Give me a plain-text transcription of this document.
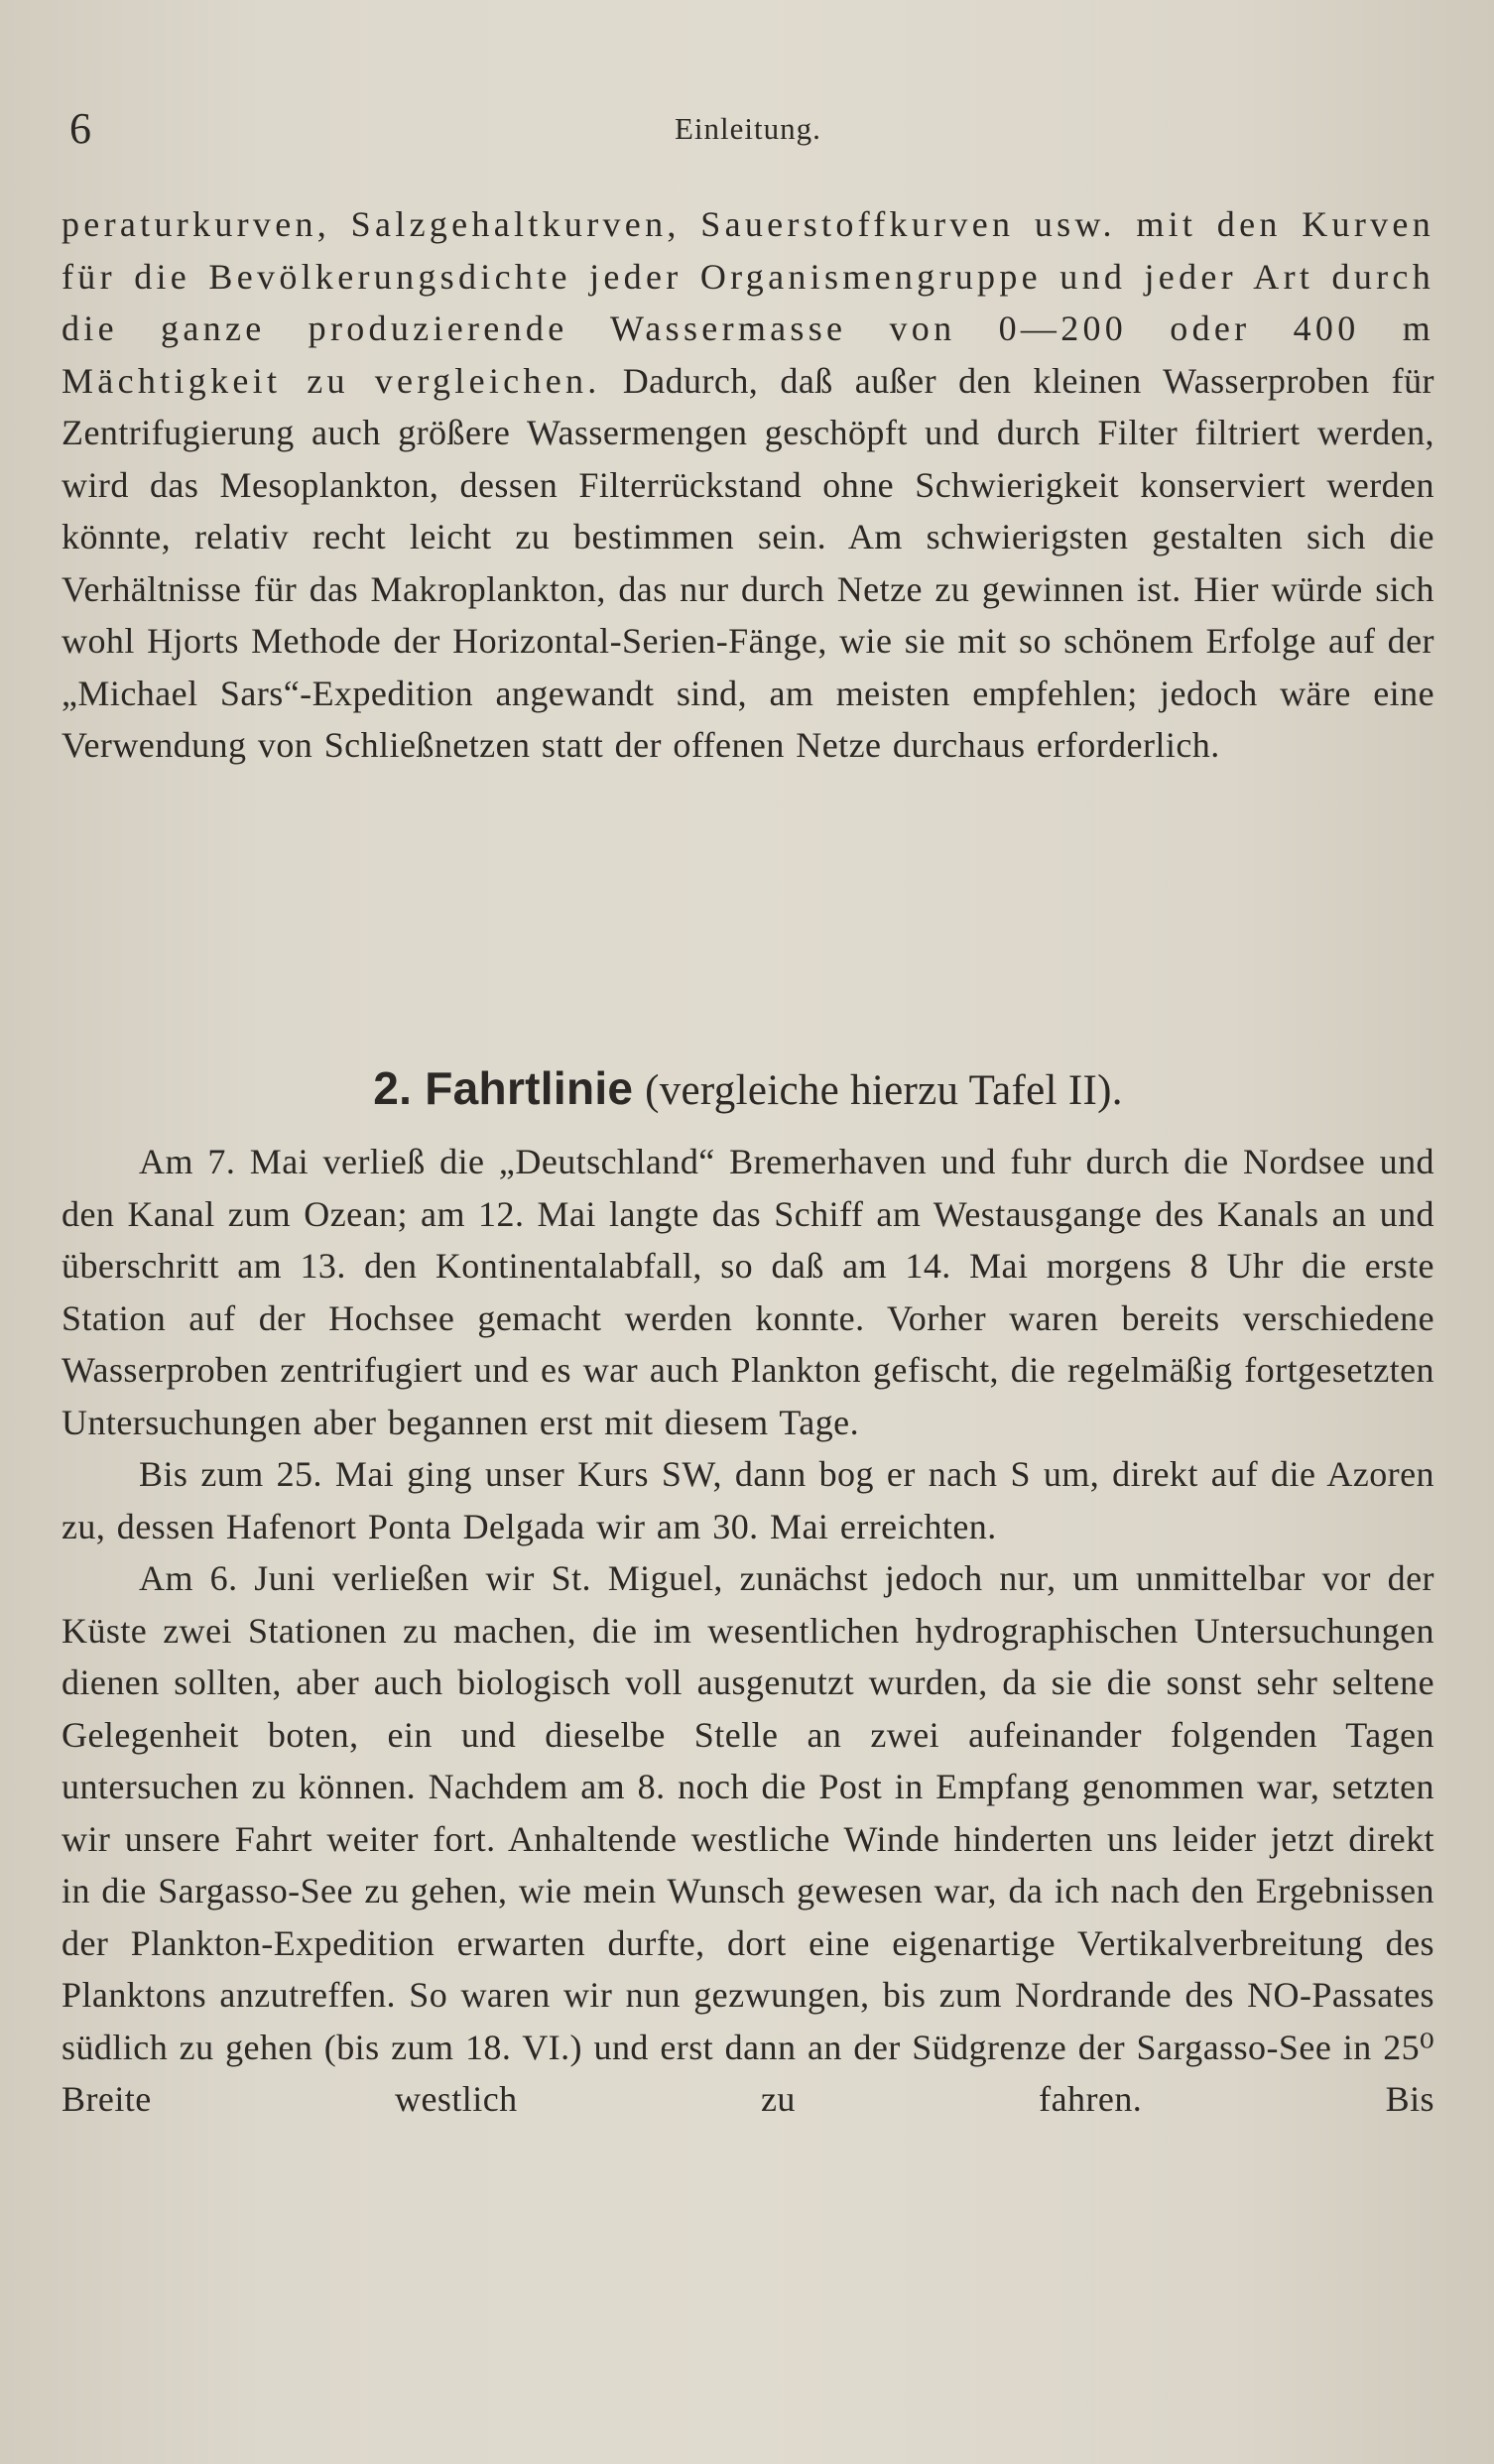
6	Einleitung.

peraturkurven, Salzgehaltkurven, Sauerstoffkurven usw. mit den Kurven für die Bevölkerungsdichte jeder Organismengruppe und jeder Art durch die ganze produzierende Wassermasse von 0—200 oder 400 m Mächtigkeit zu vergleichen. Dadurch, daß außer den kleinen Wasserproben für Zentrifugierung auch größere Wassermengen geschöpft und durch Filter filtriert werden, wird das Mesoplankton, dessen Filterrückstand ohne Schwierigkeit konserviert werden könnte, relativ recht leicht zu bestimmen sein. Am schwierigsten gestalten sich die Verhältnisse für das Makroplankton, das nur durch Netze zu gewinnen ist. Hier würde sich wohl Hjorts Methode der Horizontal-Serien-Fänge, wie sie mit so schönem Erfolge auf der „Michael Sars“-Expedition angewandt sind, am meisten empfehlen; jedoch wäre eine Verwendung von Schließnetzen statt der offenen Netze durchaus erforderlich.

2. Fahrtlinie (vergleiche hierzu Tafel II).

Am 7. Mai verließ die „Deutschland“ Bremerhaven und fuhr durch die Nordsee und den Kanal zum Ozean; am 12. Mai langte das Schiff am Westausgange des Kanals an und überschritt am 13. den Kontinentalabfall, so daß am 14. Mai morgens 8 Uhr die erste Station auf der Hochsee gemacht werden konnte. Vorher waren bereits verschiedene Wasserproben zentrifugiert und es war auch Plankton gefischt, die regelmäßig fortgesetzten Untersuchungen aber begannen erst mit diesem Tage.

Bis zum 25. Mai ging unser Kurs SW, dann bog er nach S um, direkt auf die Azoren zu, dessen Hafenort Ponta Delgada wir am 30. Mai erreichten.

Am 6. Juni verließen wir St. Miguel, zunächst jedoch nur, um unmittelbar vor der Küste zwei Stationen zu machen, die im wesentlichen hydrographischen Untersuchungen dienen sollten, aber auch biologisch voll ausgenutzt wurden, da sie die sonst sehr seltene Gelegenheit boten, ein und dieselbe Stelle an zwei aufeinander folgenden Tagen untersuchen zu können. Nachdem am 8. noch die Post in Empfang genommen war, setzten wir unsere Fahrt weiter fort. Anhaltende westliche Winde hinderten uns leider jetzt direkt in die Sargasso-See zu gehen, wie mein Wunsch gewesen war, da ich nach den Ergebnissen der Plankton-Expedition erwarten durfte, dort eine eigenartige Vertikalverbreitung des Planktons anzutreffen. So waren wir nun gezwungen, bis zum Nordrande des NO-Passates südlich zu gehen (bis zum 18. VI.) und erst dann an der Südgrenze der Sargasso-See in 25⁰ Breite westlich zu fahren. Bis
